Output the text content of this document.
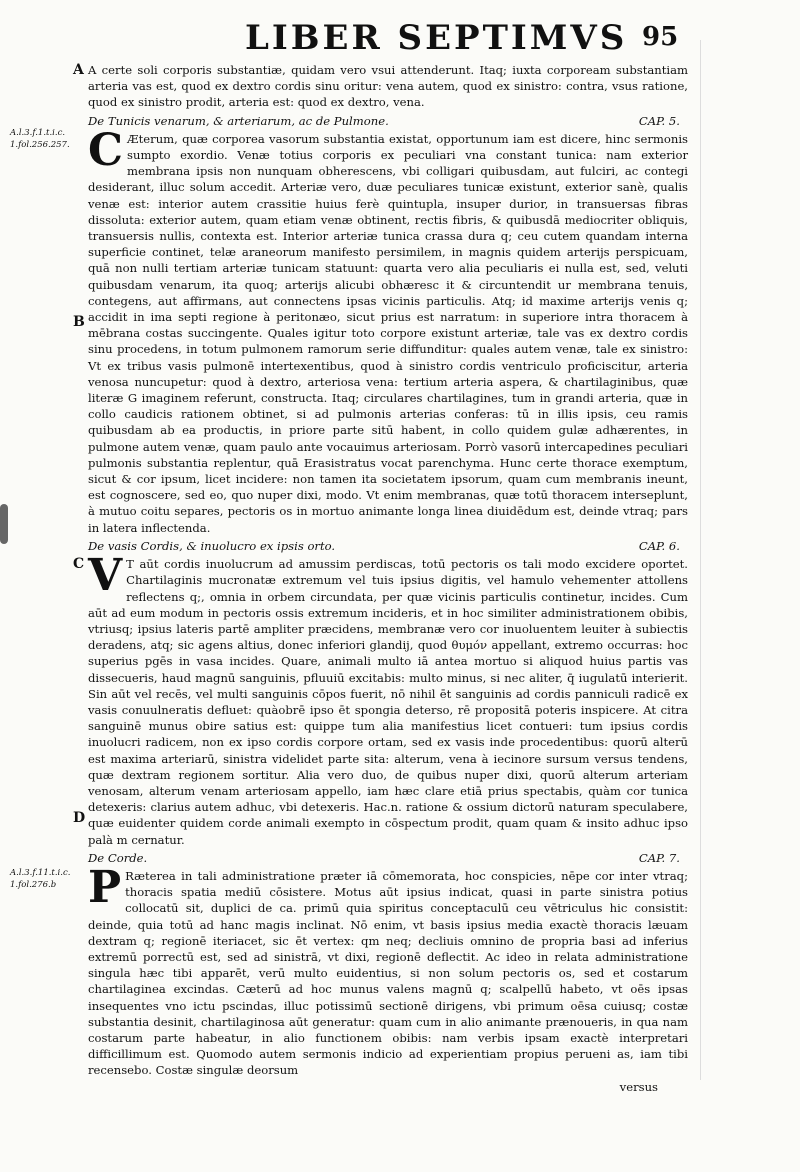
LIBER SEPTIMVS 95
A.l.3.f.1.t.i.c.
1.fol.256.257.
A.l.3.f.11.t.i.c.
1.fol.276.b
A
B
C
D

A certe soli corporis substantiæ, quidam vero vsui attenderunt. Itaq; iuxta corpoream substantiam arteria vas est, quod ex dextro cordis sinu oritur: vena autem, quod ex sinistro: contra, vsus ratione, quod ex sinistro prodit, arteria est: quod ex dextro, vena.

De Tunicis venarum, & arteriarum, ac de Pulmone.	CAP. 5.

C Æterum, quæ corporea vasorum substantia existat, opportunum iam est dicere, hinc sermonis sumpto exordio. Venæ totius corporis ex peculiari vna constant tunica: nam exterior membrana ipsis non nunquam obherescens, vbi colligari quibusdam, aut fulciri, ac contegi desiderant, illuc solum accedit. Arteriæ vero, duæ peculiares tunicæ existunt, exterior sanè, qualis venæ est: interior autem crassitie huius ferè quintupla, insuper durior, in transuersas fibras dissoluta: exterior autem, quam etiam venæ obtinent, rectis fibris, & quibusdā mediocriter obliquis, transuersis nullis, contexta est. Interior arteriæ tunica crassa dura q; ceu cutem quandam interna superficie continet, telæ araneorum manifesto persimilem, in magnis quidem arterijs perspicuam, quā non nulli tertiam arteriæ tunicam statuunt: quarta vero alia peculiaris ei nulla est, sed, veluti quibusdam venarum, ita quoq; arterijs alicubi obhæresc it & circuntendit ur membrana tenuis, contegens, aut affirmans, aut connectens ipsas vicinis particulis. Atq; id maxime arterijs venis q; accidit in ima septi regione à peritonæo, sicut prius est narratum: in superiore intra thoracem à mēbrana costas succingente. Quales igitur toto corpore existunt arteriæ, tale vas ex dextro cordis sinu procedens, in totum pulmonem ramorum serie diffunditur: quales autem venæ, tale ex sinistro: Vt ex tribus vasis pulmonē intertexentibus, quod à sinistro cordis ventriculo proficiscitur, arteria venosa nuncupetur: quod à dextro, arteriosa vena: tertium arteria aspera, & chartilaginibus, quæ literæ G imaginem referunt, constructa. Itaq; circulares chartilagines, tum in grandi arteria, quæ in collo caudicis rationem obtinet, si ad pulmonis arterias conferas: tū in illis ipsis, ceu ramis quibusdam ab ea productis, in priore parte sitū habent, in collo quidem gulæ adhærentes, in pulmone autem venæ, quam paulo ante vocauimus arteriosam. Porrò vasorū intercapedines peculiari pulmonis substantia replentur, quā Erasistratus vocat parenchyma. Hunc certe thorace exemptum, sicut & cor ipsum, licet incidere: non tamen ita societatem ipsorum, quam cum membranis ineunt, est cognoscere, sed eo, quo nuper dixi, modo. Vt enim membranas, quæ totū thoracem interseplunt, à mutuo coitu separes, pectoris os in mortuo animante longa linea diuidēdum est, deinde vtraq; pars in latera inflectenda.

De vasis Cordis, & inuolucro ex ipsis orto.	CAP. 6.

V T aūt cordis inuolucrum ad amussim perdiscas, totū pectoris os tali modo excidere oportet. Chartilaginis mucronatæ extremum vel tuis ipsius digitis, vel hamulo vehementer attollens reflectens q;, omnia in orbem circundata, per quæ vicinis particulis continetur, incides. Cum aūt ad eum modum in pectoris ossis extremum incideris, et in hoc similiter administrationem obibis, vtriusq; ipsius lateris partē ampliter præcidens, membranæ vero cor inuoluentem leuiter à subiectis deradens, atq; sic agens altius, donec inferiori glandij, quod θυμόν appellant, extremo occurras: hoc superius pgēs in vasa incides. Quare, animali multo iā antea mortuo si aliquod huius partis vas dissecueris, haud magnū sanguinis, pfluuiū excitabis: multo minus, si nec aliter, q̄ iugulatū interierit. Sin aūt vel recēs, vel multi sanguinis cōpos fuerit, nō nihil ēt sanguinis ad cordis panniculi radicē ex vasis conuulneratis defluet: quàobrē ipso ēt spongia deterso, rē propositā poteris inspicere. At citra sanguinē munus obire satius est: quippe tum alia manifestius licet contueri: tum ipsius cordis inuolucri radicem, non ex ipso cordis corpore ortam, sed ex vasis inde procedentibus: quorū alterū est maxima arteriarū, sinistra videlidet parte sita: alterum, vena à iecinore sursum versus tendens, quæ dextram regionem sortitur. Alia vero duo, de quibus nuper dixi, quorū alterum arteriam venosam, alterum venam arteriosam appello, iam hæc clare etiā prius spectabis, quàm cor tunica detexeris: clarius autem adhuc, vbi detexeris. Hac.n. ratione & ossium dictorū naturam speculabere, quæ euidenter quidem corde animali exempto in cōspectum prodit, quam quam & insito adhuc ipso palà m cernatur.

De Corde.	CAP. 7.

P Ræterea in tali administratione præter iā cōmemorata, hoc conspicies, nēpe cor inter vtraq; thoracis spatia mediū cōsistere. Motus aūt ipsius indicat, quasi in parte sinistra potius collocatū sit, duplici de ca. primū quia spiritus conceptaculū ceu vētriculus hic consistit: deinde, quia totū ad hanc magis inclinat. Nō enim, vt basis ipsius media exactè thoracis læuam dextram q; regionē iteriacet, sic ēt vertex: qm neq; decliuis omnino de propria basi ad inferius extremū porrectū est, sed ad sinistrā, vt dixi, regionē deflectit. Ac ideo in relata administratione singula hæc tibi apparēt, verū multo euidentius, si non solum pectoris os, sed et costarum chartilaginea excindas. Cæterū ad hoc munus valens magnū q; scalpellū habeto, vt oēs ipsas insequentes vno ictu pscindas, illuc potissimū sectionē dirigens, vbi primum oēsa cuiusq; costæ substantia desinit, chartilaginosa aūt generatur: quam cum in alio animante prænoueris, in qua nam costarum parte habeatur, in alio functionem obibis: nam verbis ipsam exactè interpretari difficillimum est. Quomodo autem sermonis indicio ad experientiam propius perueni as, iam tibi recensebo. Costæ singulæ deorsum

versus
